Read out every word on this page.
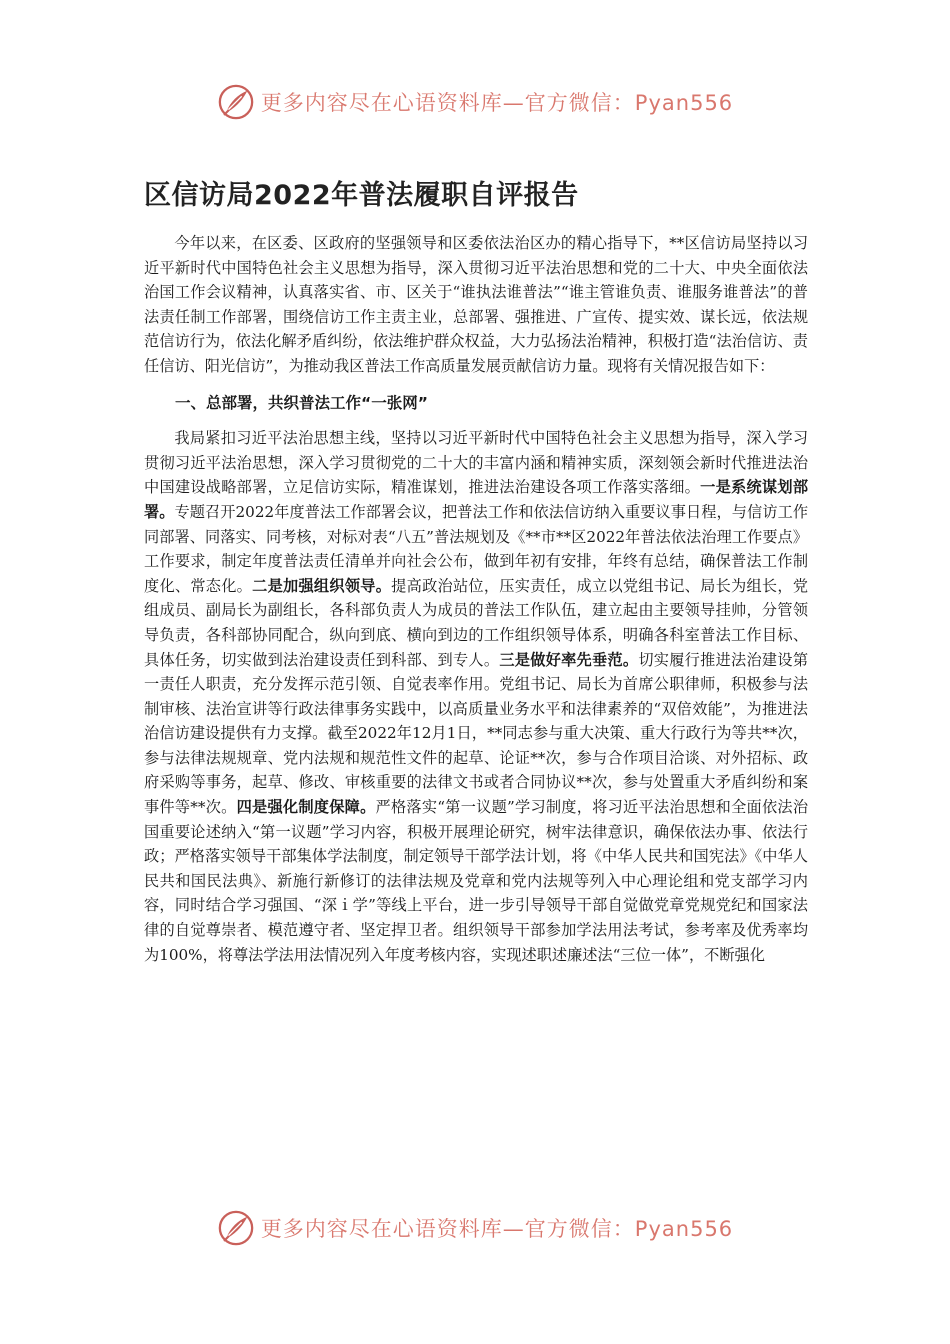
更多内容尽在心语资料库—官方微信：Pyan556
区信访局2022年普法履职自评报告

今年以来，在区委、区政府的坚强领导和区委依法治区办的精心指导下，**区信访局坚持以习近平新时代中国特色社会主义思想为指导，深入贯彻习近平法治思想和党的二十大、中央全面依法治国工作会议精神，认真落实省、市、区关于“谁执法谁普法”“谁主管谁负责、谁服务谁普法”的普法责任制工作部署，围绕信访工作主责主业，总部署、强推进、广宣传、提实效、谋长远，依法规范信访行为，依法化解矛盾纠纷，依法维护群众权益，大力弘扬法治精神，积极打造“法治信访、责任信访、阳光信访”，为推动我区普法工作高质量发展贡献信访力量。现将有关情况报告如下：

一、总部署，共织普法工作“一张网”

我局紧扣习近平法治思想主线，坚持以习近平新时代中国特色社会主义思想为指导，深入学习贯彻习近平法治思想，深入学习贯彻党的二十大的丰富内涵和精神实质，深刻领会新时代推进法治中国建设战略部署，立足信访实际，精准谋划，推进法治建设各项工作落实落细。一是系统谋划部署。专题召开2022年度普法工作部署会议，把普法工作和依法信访纳入重要议事日程，与信访工作同部署、同落实、同考核，对标对表“八五”普法规划及《**市**区2022年普法依法治理工作要点》工作要求，制定年度普法责任清单并向社会公布，做到年初有安排，年终有总结，确保普法工作制度化、常态化。二是加强组织领导。提高政治站位，压实责任，成立以党组书记、局长为组长，党组成员、副局长为副组长，各科部负责人为成员的普法工作队伍，建立起由主要领导挂帅，分管领导负责，各科部协同配合，纵向到底、横向到边的工作组织领导体系，明确各科室普法工作目标、具体任务，切实做到法治建设责任到科部、到专人。三是做好率先垂范。切实履行推进法治建设第一责任人职责，充分发挥示范引领、自觉表率作用。党组书记、局长为首席公职律师，积极参与法制审核、法治宣讲等行政法律事务实践中，以高质量业务水平和法律素养的“双倍效能”，为推进法治信访建设提供有力支撑。截至2022年12月1日，**同志参与重大决策、重大行政行为等共**次，参与法律法规规章、党内法规和规范性文件的起草、论证**次，参与合作项目洽谈、对外招标、政府采购等事务，起草、修改、审核重要的法律文书或者合同协议**次，参与处置重大矛盾纠纷和案事件等**次。四是强化制度保障。严格落实“第一议题”学习制度，将习近平法治思想和全面依法治国重要论述纳入“第一议题”学习内容，积极开展理论研究，树牢法律意识，确保依法办事、依法行政；严格落实领导干部集体学法制度，制定领导干部学法计划，将《中华人民共和国宪法》《中华人民共和国民法典》、新施行新修订的法律法规及党章和党内法规等列入中心理论组和党支部学习内容，同时结合学习强国、“深ｉ学”等线上平台，进一步引导领导干部自觉做党章党规党纪和国家法律的自觉尊崇者、模范遵守者、坚定捍卫者。组织领导干部参加学法用法考试，参考率及优秀率均为100%，将尊法学法用法情况列入年度考核内容，实现述职述廉述法“三位一体”，不断强化

更多内容尽在心语资料库—官方微信：Pyan556
